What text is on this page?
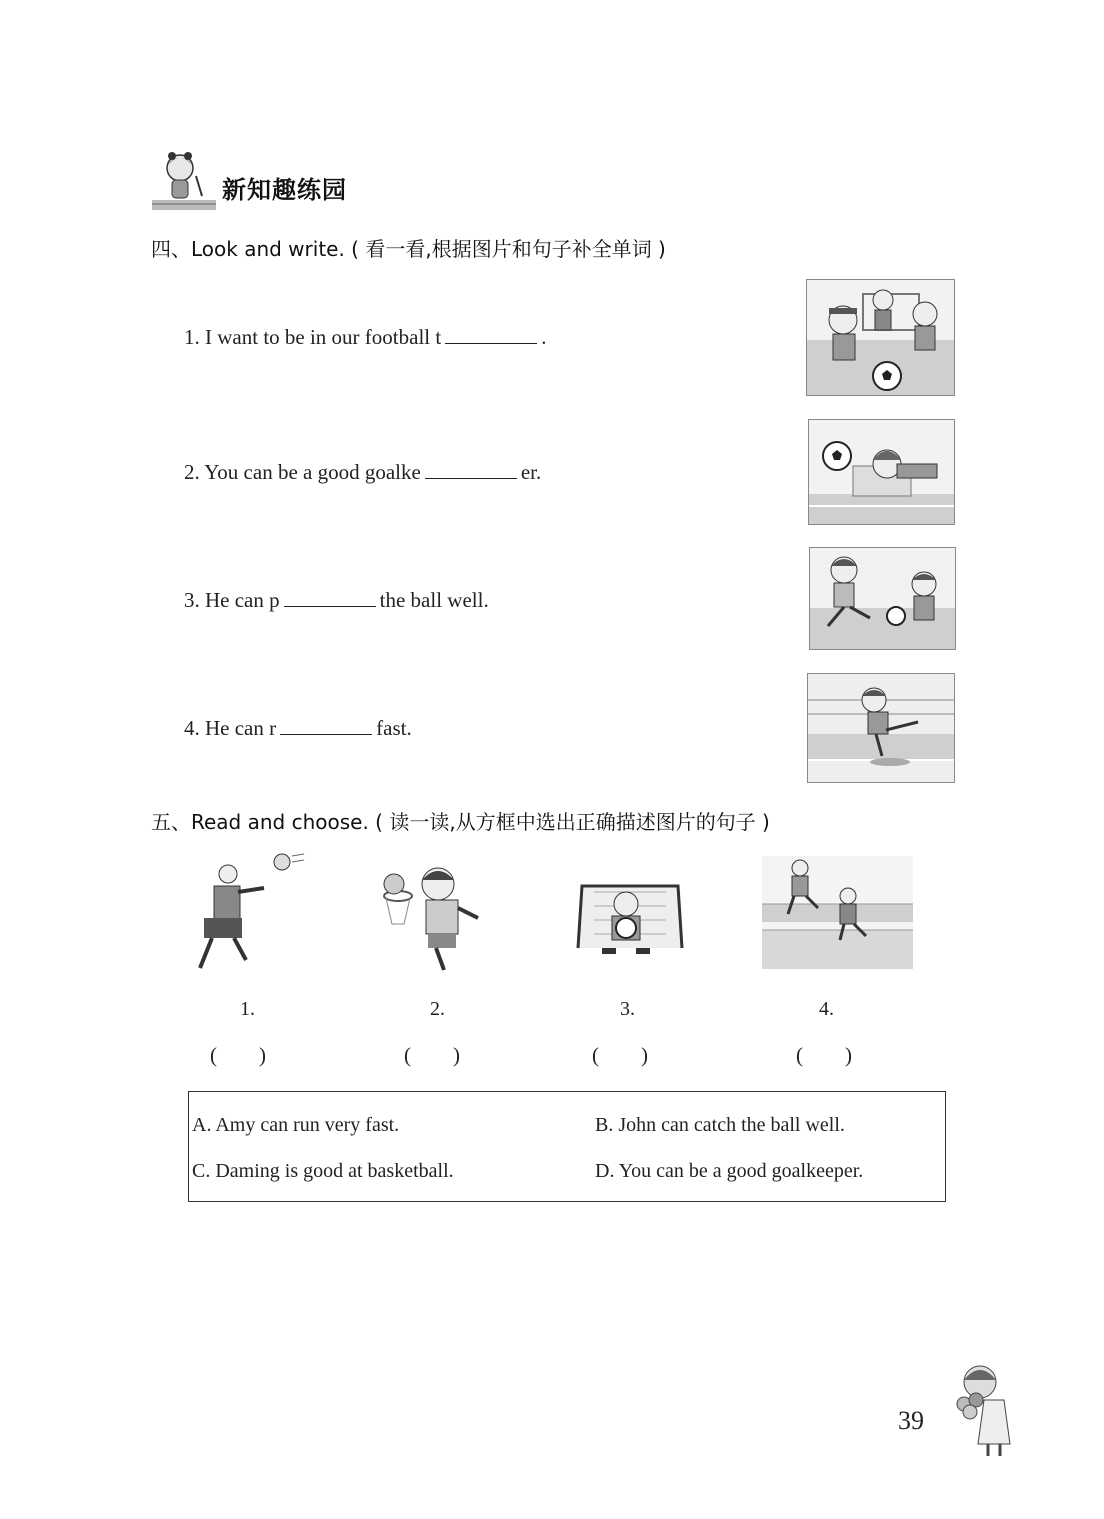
新知趣练园
四、Look and write. ( 看一看,根据图片和句子补全单词 )
1. I want to be in our football t	.
2. You can be a good goalke	er.
3. He can p	the ball well.
4. He can r	fast.
五、Read and choose. ( 读一读,从方框中选出正确描述图片的句子 )
1.	2.	3.	4.
(        )	(        )	(        )	(        )
A. Amy can run very fast.	B. John can catch the ball well.
C. Daming is good at basketball.	D. You can be a good goalkeeper.
39
